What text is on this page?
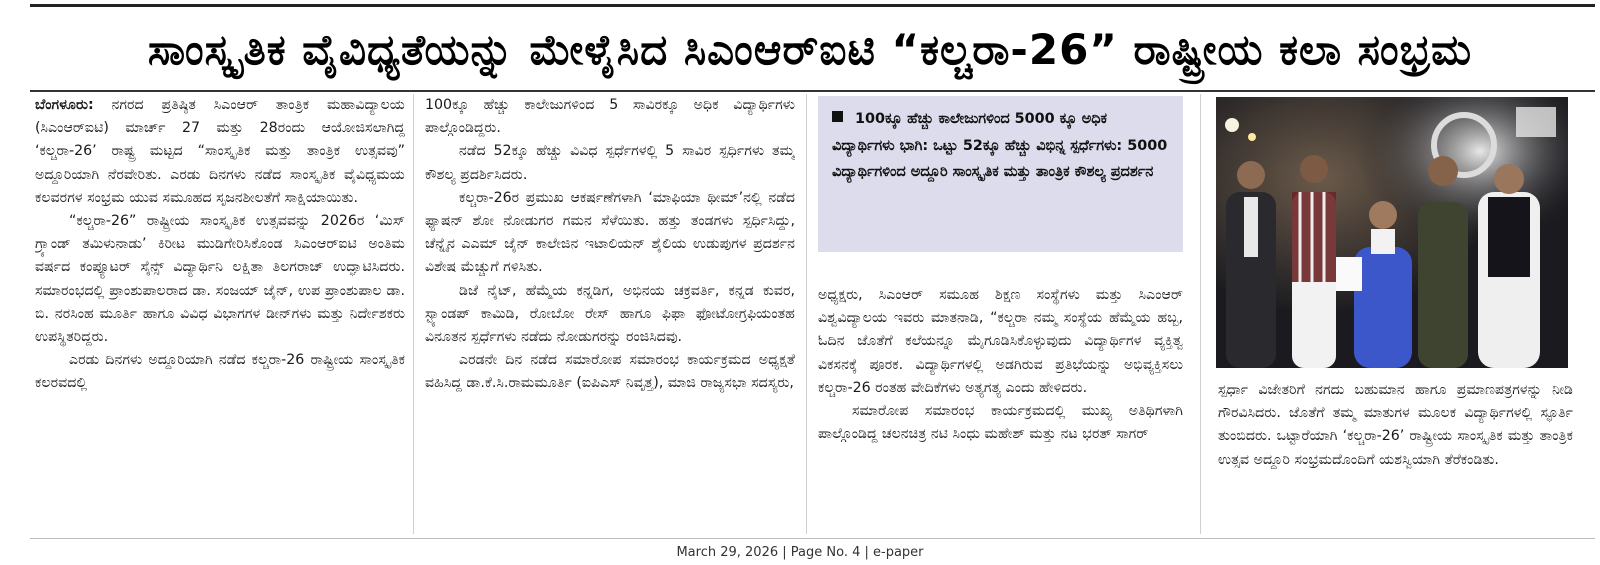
ಸಾಂಸ್ಕೃತಿಕ ವೈವಿಧ್ಯತೆಯನ್ನು ಮೇಳೈಸಿದ ಸಿಎಂಆರ್‌ಐಟಿ “ಕಲ್ಚರಾ-26” ರಾಷ್ಟ್ರೀಯ ಕಲಾ ಸಂಭ್ರಮ

ಬೆಂಗಳೂರು: ನಗರದ ಪ್ರತಿಷ್ಠಿತ ಸಿಎಂಆರ್ ತಾಂತ್ರಿಕ ಮಹಾವಿದ್ಯಾಲಯ (ಸಿಎಂಆರ್‌ಐಟಿ) ಮಾರ್ಚ್ 27 ಮತ್ತು 28ರಂದು ಆಯೋಜಿಸಲಾಗಿದ್ದ ‘ಕಲ್ಚರಾ-26’ ರಾಷ್ಟ್ರ ಮಟ್ಟದ “ಸಾಂಸ್ಕೃತಿಕ ಮತ್ತು ತಾಂತ್ರಿಕ ಉತ್ಸವವು” ಅದ್ದೂರಿಯಾಗಿ ನೆರವೇರಿತು. ಎರಡು ದಿನಗಳು ನಡೆದ ಸಾಂಸ್ಕೃತಿಕ ವೈವಿಧ್ಯಮಯ ಕಲವರಗಳ ಸಂಭ್ರಮ ಯುವ ಸಮೂಹದ ಸೃಜನಶೀಲತೆಗೆ ಸಾಕ್ಷಿಯಾಯಿತು.

“ಕಲ್ಚರಾ-26” ರಾಷ್ಟ್ರೀಯ ಸಾಂಸ್ಕೃತಿಕ ಉತ್ಸವವನ್ನು 2026ರ ‘ಮಿಸ್ ಗ್ರ್ಯಾಂಡ್ ತಮಿಳುನಾಡು’ ಕಿರೀಟ ಮುಡಿಗೇರಿಸಿಕೊಂಡ ಸಿಎಂಆರ್‌ಐಟಿ ಅಂತಿಮ ವರ್ಷದ ಕಂಪ್ಯೂಟರ್ ಸೈನ್ಸ್ ವಿದ್ಯಾರ್ಥಿನಿ ಲಕ್ಷಿತಾ ತಿಲಗರಾಜ್ ಉದ್ಘಾಟಿಸಿದರು. ಸಮಾರಂಭದಲ್ಲಿ ಪ್ರಾಂಶುಪಾಲರಾದ ಡಾ. ಸಂಜಯ್ ಜೈನ್, ಉಪ ಪ್ರಾಂಶುಪಾಲ ಡಾ. ಬಿ. ನರಸಿಂಹ ಮೂರ್ತಿ ಹಾಗೂ ವಿವಿಧ ವಿಭಾಗಗಳ ಡೀನ್‌ಗಳು ಮತ್ತು ನಿರ್ದೇಶಕರು ಉಪಸ್ಥಿತರಿದ್ದರು.

ಎರಡು ದಿನಗಳು ಅದ್ದೂರಿಯಾಗಿ ನಡೆದ ಕಲ್ಚರಾ-26 ರಾಷ್ಟ್ರೀಯ ಸಾಂಸ್ಕೃತಿಕ ಕಲರವದಲ್ಲಿ

100ಕ್ಕೂ ಹೆಚ್ಚು ಕಾಲೇಜುಗಳಿಂದ 5 ಸಾವಿರಕ್ಕೂ ಅಧಿಕ ವಿದ್ಯಾರ್ಥಿಗಳು ಪಾಲ್ಗೊಂಡಿದ್ದರು.

ನಡೆದ 52ಕ್ಕೂ ಹೆಚ್ಚು ವಿವಿಧ ಸ್ಪರ್ಧೆಗಳಲ್ಲಿ 5 ಸಾವಿರ ಸ್ಪರ್ಧಿಗಳು ತಮ್ಮ ಕೌಶಲ್ಯ ಪ್ರದರ್ಶಿಸಿದರು.

ಕಲ್ಚರಾ-26ರ ಪ್ರಮುಖ ಆಕರ್ಷಣೆಗಳಾಗಿ ‘ಮಾಫಿಯಾ ಥೀಮ್’ನಲ್ಲಿ ನಡೆದ ಫ್ಯಾಷನ್ ಶೋ ನೋಡುಗರ ಗಮನ ಸೆಳೆಯಿತು. ಹತ್ತು ತಂಡಗಳು ಸ್ಪರ್ಧಿಸಿದ್ದು, ಚೆನ್ನೈನ ಎಎಮ್ ಜೈನ್ ಕಾಲೇಜಿನ ಇಟಾಲಿಯನ್ ಶೈಲಿಯ ಉಡುಪುಗಳ ಪ್ರದರ್ಶನ ವಿಶೇಷ ಮೆಚ್ಚುಗೆ ಗಳಿಸಿತು.

ಡಿಜೆ ನೈಟ್, ಹೆಮ್ಮೆಯ ಕನ್ನಡಿಗ, ಅಭಿನಯ ಚಕ್ರವರ್ತಿ, ಕನ್ನಡ ಕುವರ, ಸ್ಟ್ಯಾಂಡಪ್ ಕಾಮಿಡಿ, ರೋಬೋ ರೇಸ್ ಹಾಗೂ ಫಿಫಾ ಫೋಟೋಗ್ರಫಿಯಂತಹ ವಿನೂತನ ಸ್ಪರ್ಧೆಗಳು ನಡೆದು ನೋಡುಗರನ್ನು ರಂಜಿಸಿದವು.

ಎರಡನೇ ದಿನ ನಡೆದ ಸಮಾರೋಪ ಸಮಾರಂಭ ಕಾರ್ಯಕ್ರಮದ ಅಧ್ಯಕ್ಷತೆ ವಹಿಸಿದ್ದ ಡಾ.ಕೆ.ಸಿ.ರಾಮಮೂರ್ತಿ (ಐಪಿಎಸ್ ನಿವೃತ್ತ), ಮಾಜಿ ರಾಜ್ಯಸಭಾ ಸದಸ್ಯರು,

100ಕ್ಕೂ ಹೆಚ್ಚು ಕಾಲೇಜುಗಳಿಂದ 5000 ಕ್ಕೂ ಅಧಿಕ ವಿದ್ಯಾರ್ಥಿಗಳು ಭಾಗಿ: ಒಟ್ಟು 52ಕ್ಕೂ ಹೆಚ್ಚು ವಿಭಿನ್ನ ಸ್ಪರ್ಧೆಗಳು: 5000 ವಿದ್ಯಾರ್ಥಿಗಳಿಂದ ಅದ್ದೂರಿ ಸಾಂಸ್ಕೃತಿಕ ಮತ್ತು ತಾಂತ್ರಿಕ ಕೌಶಲ್ಯ ಪ್ರದರ್ಶನ

ಅಧ್ಯಕ್ಷರು, ಸಿಎಂಆರ್ ಸಮೂಹ ಶಿಕ್ಷಣ ಸಂಸ್ಥೆಗಳು ಮತ್ತು ಸಿಎಂಆರ್ ವಿಶ್ವವಿದ್ಯಾಲಯ ಇವರು ಮಾತನಾಡಿ, “ಕಲ್ಚರಾ ನಮ್ಮ ಸಂಸ್ಥೆಯ ಹೆಮ್ಮೆಯ ಹಬ್ಬ, ಓದಿನ ಜೊತೆಗೆ ಕಲೆಯನ್ನೂ ಮೈಗೂಡಿಸಿಕೊಳ್ಳುವುದು ವಿದ್ಯಾರ್ಥಿಗಳ ವ್ಯಕ್ತಿತ್ವ ವಿಕಸನಕ್ಕೆ ಪೂರಕ. ವಿದ್ಯಾರ್ಥಿಗಳಲ್ಲಿ ಅಡಗಿರುವ ಪ್ರತಿಭೆಯನ್ನು ಅಭಿವ್ಯಕ್ತಿಸಲು ಕಲ್ಚರಾ-26 ರಂತಹ ವೇದಿಕೆಗಳು ಅತ್ಯಗತ್ಯ ಎಂದು ಹೇಳಿದರು.

ಸಮಾರೋಪ ಸಮಾರಂಭ ಕಾರ್ಯಕ್ರಮದಲ್ಲಿ ಮುಖ್ಯ ಅತಿಥಿಗಳಾಗಿ ಪಾಲ್ಗೊಂಡಿದ್ದ ಚಲನಚಿತ್ರ ನಟಿ ಸಿಂಧು ಮಹೇಶ್ ಮತ್ತು ನಟ ಭರತ್ ಸಾಗರ್

ಸ್ಪರ್ಧಾ ವಿಜೇತರಿಗೆ ನಗದು ಬಹುಮಾನ ಹಾಗೂ ಪ್ರಮಾಣಪತ್ರಗಳನ್ನು ನೀಡಿ ಗೌರವಿಸಿದರು. ಜೊತೆಗೆ ತಮ್ಮ ಮಾತುಗಳ ಮೂಲಕ ವಿದ್ಯಾರ್ಥಿಗಳಲ್ಲಿ ಸ್ಫೂರ್ತಿ ತುಂಬಿದರು. ಒಟ್ಟಾರೆಯಾಗಿ ‘ಕಲ್ಚರಾ-26’ ರಾಷ್ಟ್ರೀಯ ಸಾಂಸ್ಕೃತಿಕ ಮತ್ತು ತಾಂತ್ರಿಕ ಉತ್ಸವ ಅದ್ದೂರಿ ಸಂಭ್ರಮದೊಂದಿಗೆ ಯಶಸ್ವಿಯಾಗಿ ತೆರೆಕಂಡಿತು.
March 29, 2026 | Page No. 4 | e-paper
